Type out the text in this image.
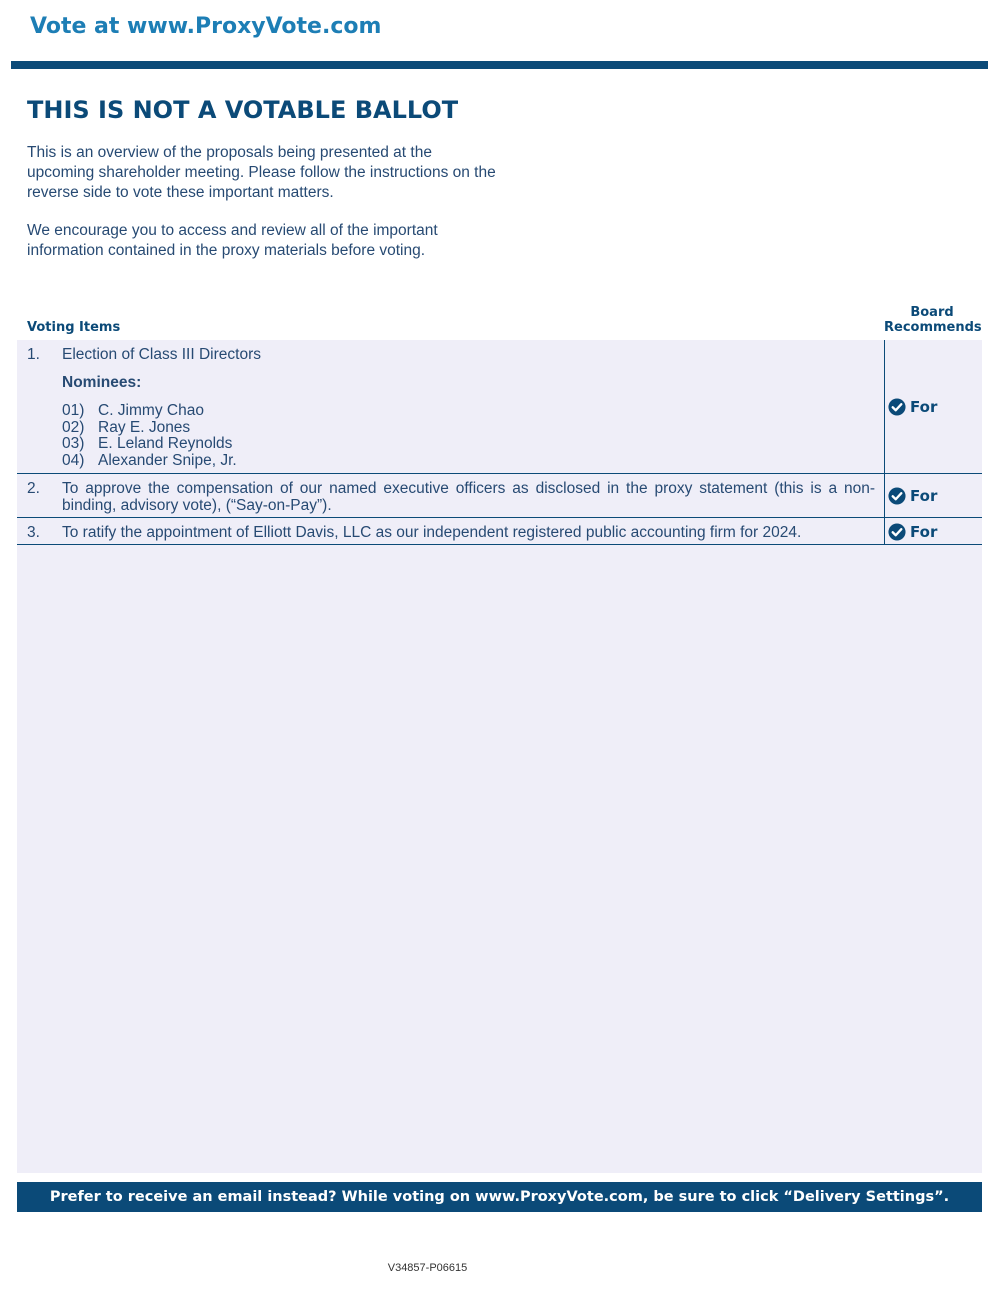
Vote at www.ProxyVote.com
THIS IS NOT A VOTABLE BALLOT

This is an overview of the proposals being presented at the upcoming shareholder meeting. Please follow the instructions on the reverse side to vote these important matters.

We encourage you to access and review all of the important information contained in the proxy materials before voting.

Voting Items
Board
Recommends
1. Election of Class III Directors
Nominees:
01) C. Jimmy Chao
02) Ray E. Jones
03) E. Leland Reynolds
04) Alexander Snipe, Jr.
For
2. To approve the compensation of our named executive officers as disclosed in the proxy statement (this is a non-binding, advisory vote), (“Say-on-Pay”).
For
3. To ratify the appointment of Elliott Davis, LLC as our independent registered public accounting firm for 2024.	For
Prefer to receive an email instead? While voting on www.ProxyVote.com, be sure to click “Delivery Settings”.
V34857-P06615
